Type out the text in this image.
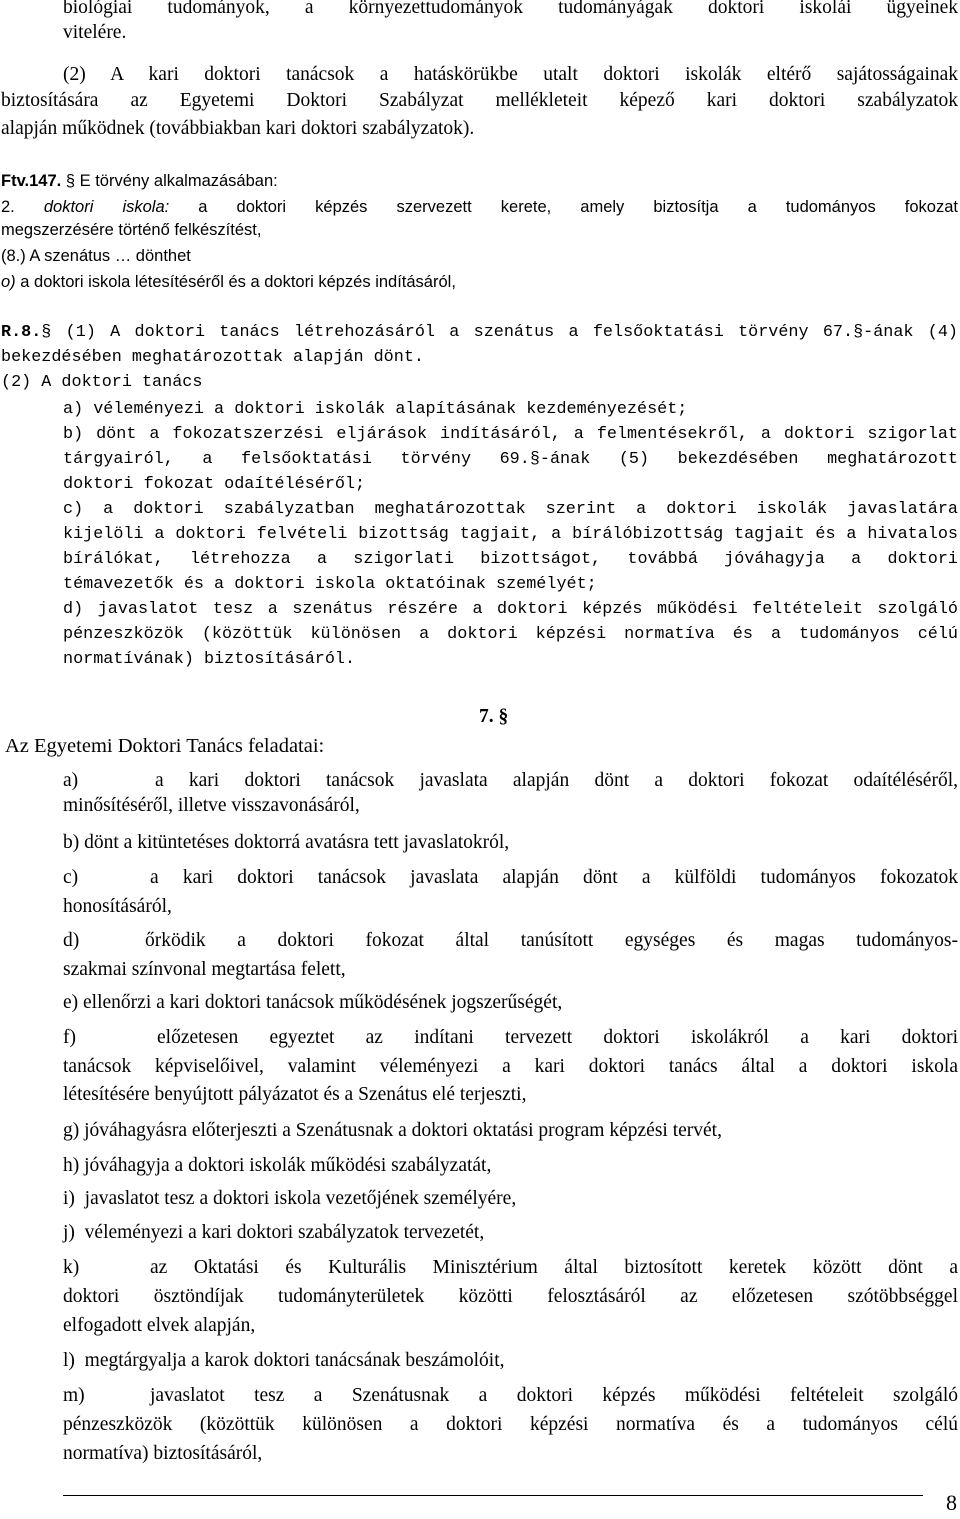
biológiai tudományok, a környezettudományok tudományágak doktori iskolái ügyeinek
vitelére.
(2) A kari doktori tanácsok a hatáskörükbe utalt doktori iskolák eltérő sajátosságainak
biztosítására az Egyetemi Doktori Szabályzat mellékleteit képező kari doktori szabályzatok
alapján működnek (továbbiakban kari doktori szabályzatok).
Ftv.147. § E törvény alkalmazásában:
2. doktori iskola: a doktori képzés szervezett kerete, amely biztosítja a tudományos fokozat
megszerzésére történő felkészítést,
(8.) A szenátus … dönthet
o) a doktori iskola létesítéséről és a doktori képzés indításáról,
R.8.§ (1) A doktori tanács létrehozásáról a szenátus a felsőoktatási törvény 67.§-ának (4)
bekezdésében meghatározottak alapján dönt.
(2) A doktori tanács
a) véleményezi a doktori iskolák alapításának kezdeményezését;
b) dönt a fokozatszerzési eljárások indításáról, a felmentésekről, a doktori szigorlat
tárgyairól, a felsőoktatási törvény 69.§-ának (5) bekezdésében meghatározott
doktori fokozat odaítéléséről;
c) a doktori szabályzatban meghatározottak szerint a doktori iskolák javaslatára
kijelöli a doktori felvételi bizottság tagjait, a bírálóbizottság tagjait és a hivatalos
bírálókat, létrehozza a szigorlati bizottságot, továbbá jóváhagyja a doktori
témavezetők és a doktori iskola oktatóinak személyét;
d) javaslatot tesz a szenátus részére a doktori képzés működési feltételeit szolgáló
pénzeszközök (közöttük különösen a doktori képzési normatíva és a tudományos célú
normatívának) biztosításáról.
7. §
Az Egyetemi Doktori Tanács feladatai:
a)	a kari doktori tanácsok javaslata alapján dönt a doktori fokozat odaítéléséről,
minősítéséről, illetve visszavonásáról,
b) dönt a kitüntetéses doktorrá avatásra tett javaslatokról,
c)	a kari doktori tanácsok javaslata alapján dönt a külföldi tudományos fokozatok
honosításáról,
d)	őrködik a doktori fokozat által tanúsított egységes és magas tudományos-
szakmai színvonal megtartása felett,
e) ellenőrzi a kari doktori tanácsok működésének jogszerűségét,
f)	előzetesen egyeztet az indítani tervezett doktori iskolákról a kari doktori
tanácsok képviselőivel, valamint véleményezi a kari doktori tanács által a doktori iskola
létesítésére benyújtott pályázatot és a Szenátus elé terjeszti,
g) jóváhagyásra előterjeszti a Szenátusnak a doktori oktatási program képzési tervét,
h) jóváhagyja a doktori iskolák működési szabályzatát,
i)  javaslatot tesz a doktori iskola vezetőjének személyére,
j)  véleményezi a kari doktori szabályzatok tervezetét,
k)	az Oktatási és Kulturális Minisztérium által biztosított keretek között dönt a
doktori ösztöndíjak tudományterületek közötti felosztásáról az előzetesen szótöbbséggel
elfogadott elvek alapján,
l)  megtárgyalja a karok doktori tanácsának beszámolóit,
m)	javaslatot tesz a Szenátusnak a doktori képzés működési feltételeit szolgáló
pénzeszközök (közöttük különösen a doktori képzési normatíva és a tudományos célú
normatíva) biztosításáról,
8
